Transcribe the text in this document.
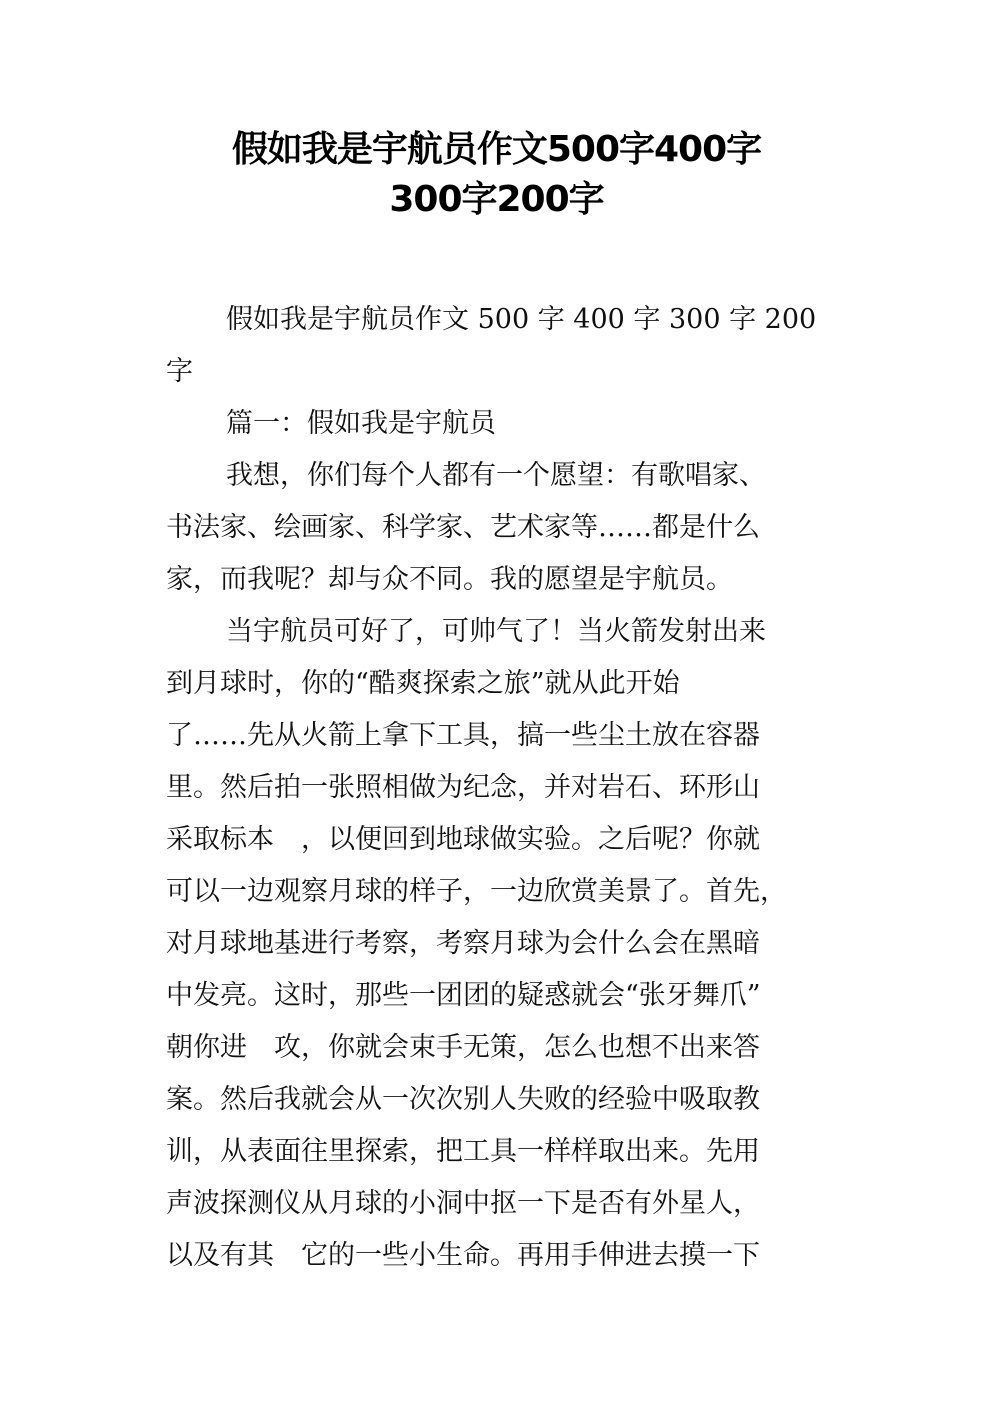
假如我是宇航员作文500字400字
300字200字
假如我是宇航员作文 500 字 400 字 300 字 200
字
篇一：假如我是宇航员
我想，你们每个人都有一个愿望：有歌唱家、
书法家、绘画家、科学家、艺术家等……都是什么
家，而我呢？却与众不同。我的愿望是宇航员。
当宇航员可好了，可帅气了！当火箭发射出来
到月球时，你的“酷爽探索之旅”就从此开始
了……先从火箭上拿下工具，搞一些尘土放在容器
里。然后拍一张照相做为纪念，并对岩石、环形山
采取标本　，以便回到地球做实验。之后呢？你就
可以一边观察月球的样子，一边欣赏美景了。首先，
对月球地基进行考察，考察月球为会什么会在黑暗
中发亮。这时，那些一团团的疑惑就会“张牙舞爪”
朝你进　攻，你就会束手无策，怎么也想不出来答
案。然后我就会从一次次别人失败的经验中吸取教
训，从表面往里探索，把工具一样样取出来。先用
声波探测仪从月球的小洞中抠一下是否有外星人，
以及有其　它的一些小生命。再用手伸进去摸一下
